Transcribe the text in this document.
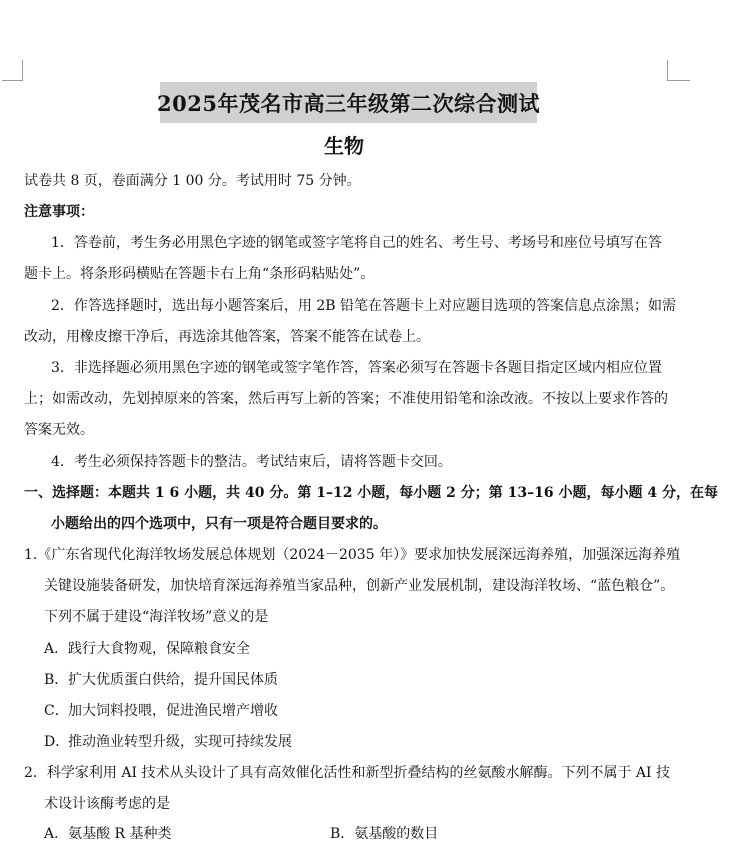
2025年茂名市高三年级第二次综合测试
生物
试卷共 8 页，卷面满分 1 00 分。考试用时 75 分钟。
注意事项：
1．答卷前，考生务必用黑色字迹的钢笔或签字笔将自己的姓名、考生号、考场号和座位号填写在答
题卡上。将条形码横贴在答题卡右上角“条形码粘贴处”。
2．作答选择题时，选出每小题答案后，用 2B 铅笔在答题卡上对应题目选项的答案信息点涂黑；如需
改动，用橡皮擦干净后，再选涂其他答案，答案不能答在试卷上。
3．非选择题必须用黑色字迹的钢笔或签字笔作答，答案必须写在答题卡各题目指定区域内相应位置
上；如需改动，先划掉原来的答案，然后再写上新的答案；不准使用铅笔和涂改液。不按以上要求作答的
答案无效。
4．考生必须保持答题卡的整洁。考试结束后，请将答题卡交回。
一、选择题：本题共 1 6 小题，共 40 分。第 1–12 小题，每小题 2 分；第 13–16 小题，每小题 4 分，在每
小题给出的四个选项中，只有一项是符合题目要求的。
1.《广东省现代化海洋牧场发展总体规划（2024－2035 年）》要求加快发展深远海养殖，加强深远海养殖
关键设施装备研发，加快培育深远海养殖当家品种，创新产业发展机制，建设海洋牧场、“蓝色粮仓”。
下列不属于建设“海洋牧场”意义的是
A．践行大食物观，保障粮食安全
B．扩大优质蛋白供给，提升国民体质
C．加大饲料投喂，促进渔民增产增收
D．推动渔业转型升级，实现可持续发展
2．科学家利用 AI 技术从头设计了具有高效催化活性和新型折叠结构的丝氨酸水解酶。下列不属于 AI 技
术设计该酶考虑的是
A．氨基酸 R 基种类	B．氨基酸的数目
